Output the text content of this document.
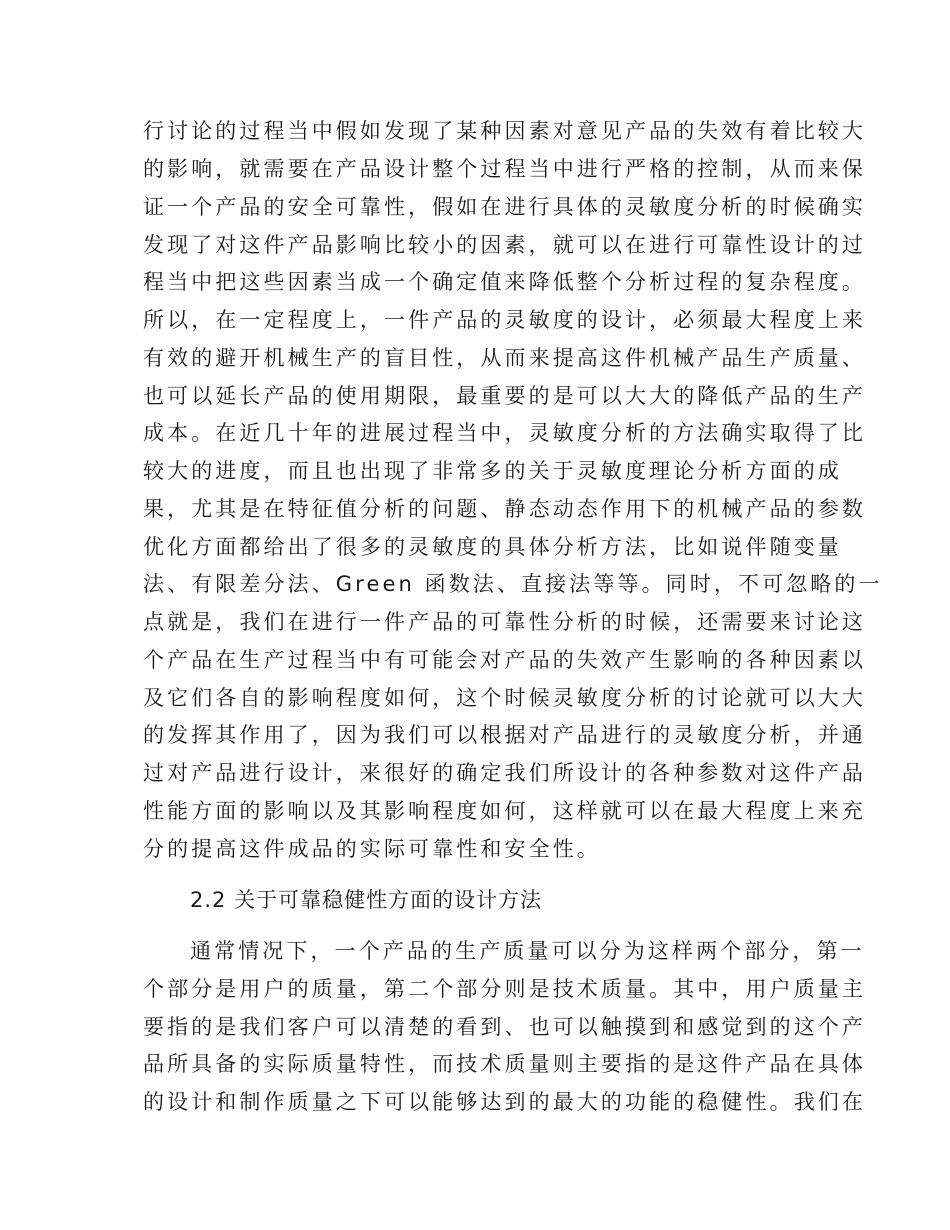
行讨论的过程当中假如发现了某种因素对意见产品的失效有着比较大
的影响，就需要在产品设计整个过程当中进行严格的控制，从而来保
证一个产品的安全可靠性，假如在进行具体的灵敏度分析的时候确实
发现了对这件产品影响比较小的因素，就可以在进行可靠性设计的过
程当中把这些因素当成一个确定值来降低整个分析过程的复杂程度。
所以，在一定程度上，一件产品的灵敏度的设计，必须最大程度上来
有效的避开机械生产的盲目性，从而来提高这件机械产品生产质量、
也可以延长产品的使用期限，最重要的是可以大大的降低产品的生产
成本。在近几十年的进展过程当中，灵敏度分析的方法确实取得了比
较大的进度，而且也出现了非常多的关于灵敏度理论分析方面的成
果，尤其是在特征值分析的问题、静态动态作用下的机械产品的参数
优化方面都给出了很多的灵敏度的具体分析方法，比如说伴随变量
法、有限差分法、Green 函数法、直接法等等。同时，不可忽略的一
点就是，我们在进行一件产品的可靠性分析的时候，还需要来讨论这
个产品在生产过程当中有可能会对产品的失效产生影响的各种因素以
及它们各自的影响程度如何，这个时候灵敏度分析的讨论就可以大大
的发挥其作用了，因为我们可以根据对产品进行的灵敏度分析，并通
过对产品进行设计，来很好的确定我们所设计的各种参数对这件产品
性能方面的影响以及其影响程度如何，这样就可以在最大程度上来充
分的提高这件成品的实际可靠性和安全性。
2.2 关于可靠稳健性方面的设计方法
通常情况下，一个产品的生产质量可以分为这样两个部分，第一
个部分是用户的质量，第二个部分则是技术质量。其中，用户质量主
要指的是我们客户可以清楚的看到、也可以触摸到和感觉到的这个产
品所具备的实际质量特性，而技术质量则主要指的是这件产品在具体
的设计和制作质量之下可以能够达到的最大的功能的稳健性。我们在
